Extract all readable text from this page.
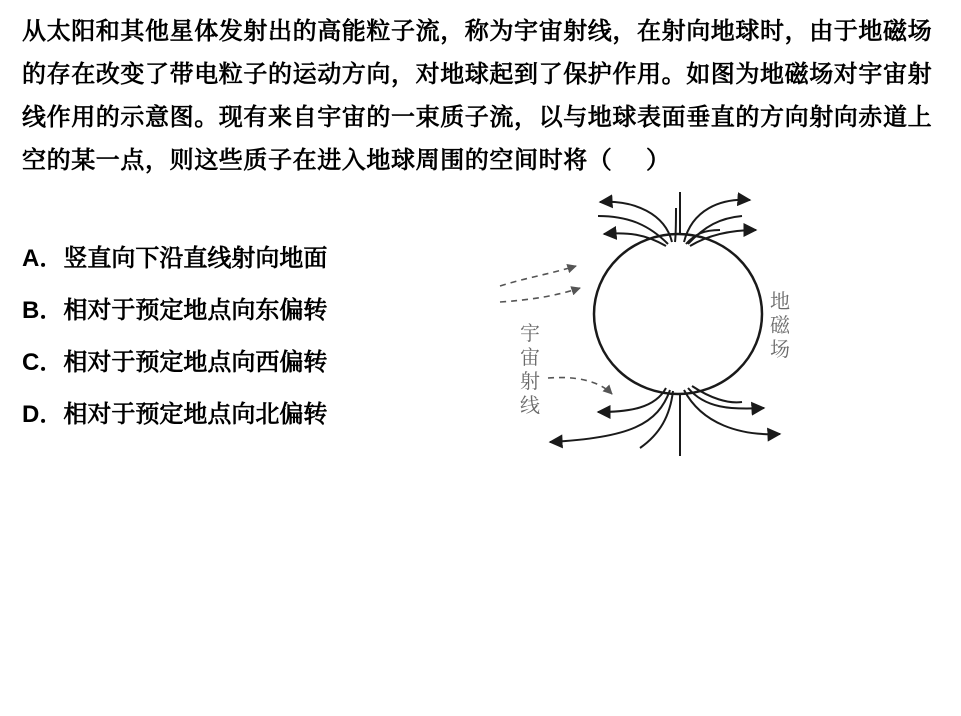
从太阳和其他星体发射出的高能粒子流，称为宇宙射线，在射向地球时，由于地磁场的存在改变了带电粒子的运动方向，对地球起到了保护作用。如图为地磁场对宇宙射线作用的示意图。现有来自宇宙的一束质子流，以与地球表面垂直的方向射向赤道上空的某一点，则这些质子在进入地球周围的空间时将（　 ）

A．竖直向下沿直线射向地面
B．相对于预定地点向东偏转
C．相对于预定地点向西偏转
D．相对于预定地点向北偏转
地
磁
场
宇
宙
射
线
